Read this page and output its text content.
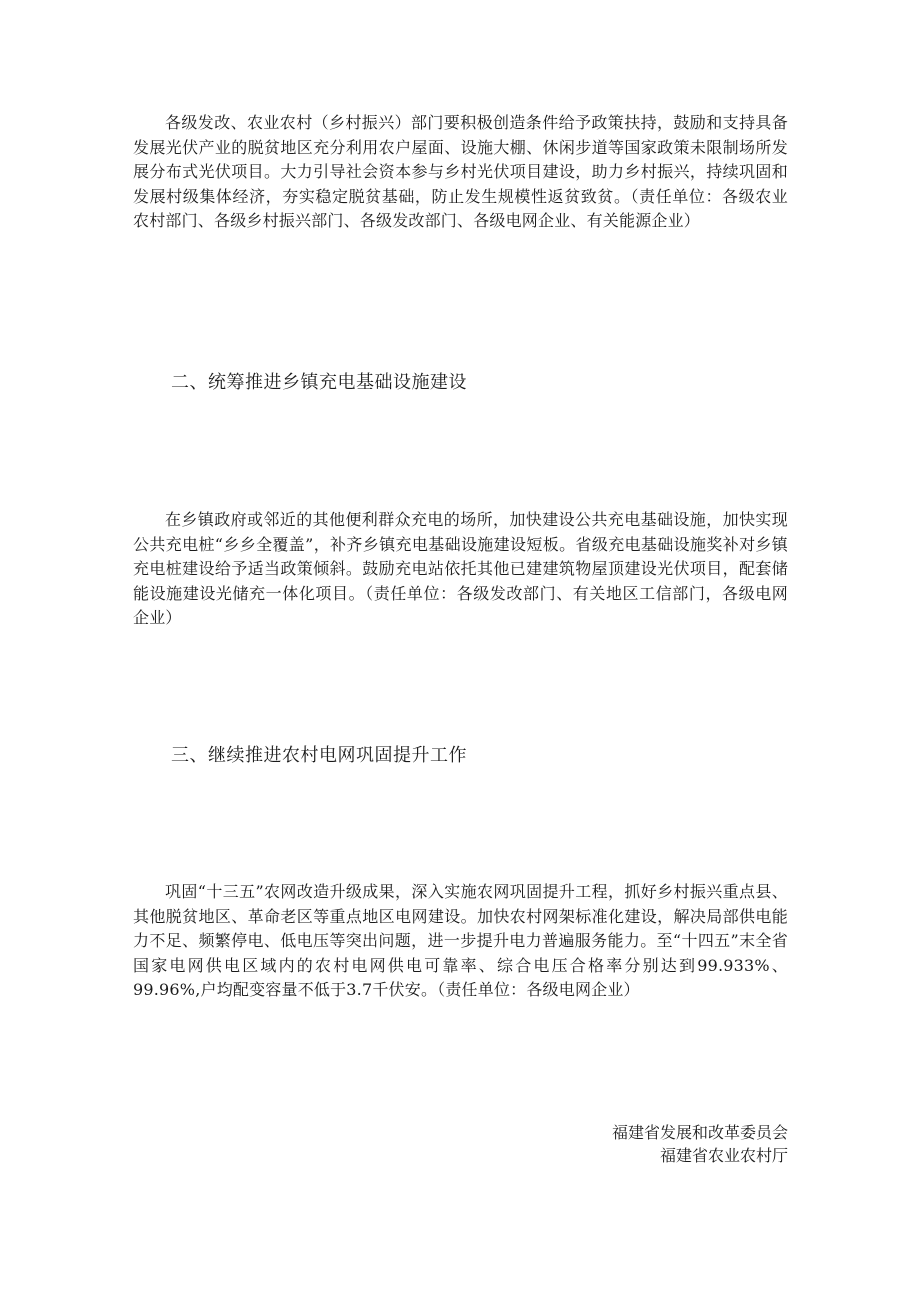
各级发改、农业农村（乡村振兴）部门要积极创造条件给予政策扶持，鼓励和支持具备发展光伏产业的脱贫地区充分利用农户屋面、设施大棚、休闲步道等国家政策未限制场所发展分布式光伏项目。大力引导社会资本参与乡村光伏项目建设，助力乡村振兴，持续巩固和发展村级集体经济，夯实稳定脱贫基础，防止发生规模性返贫致贫。（责任单位：各级农业农村部门、各级乡村振兴部门、各级发改部门、各级电网企业、有关能源企业）

二、统筹推进乡镇充电基础设施建设

在乡镇政府或邻近的其他便利群众充电的场所，加快建设公共充电基础设施，加快实现公共充电桩“乡乡全覆盖”，补齐乡镇充电基础设施建设短板。省级充电基础设施奖补对乡镇充电桩建设给予适当政策倾斜。鼓励充电站依托其他已建建筑物屋顶建设光伏项目，配套储能设施建设光储充一体化项目。（责任单位：各级发改部门、有关地区工信部门，各级电网企业）

三、继续推进农村电网巩固提升工作

巩固“十三五”农网改造升级成果，深入实施农网巩固提升工程，抓好乡村振兴重点县、其他脱贫地区、革命老区等重点地区电网建设。加快农村网架标准化建设，解决局部供电能力不足、频繁停电、低电压等突出问题，进一步提升电力普遍服务能力。至“十四五”末全省国家电网供电区域内的农村电网供电可靠率、综合电压合格率分别达到99.933%、99.96%,户均配变容量不低于3.7千伏安。（责任单位：各级电网企业）

福建省发展和改革委员会

福建省农业农村厅
